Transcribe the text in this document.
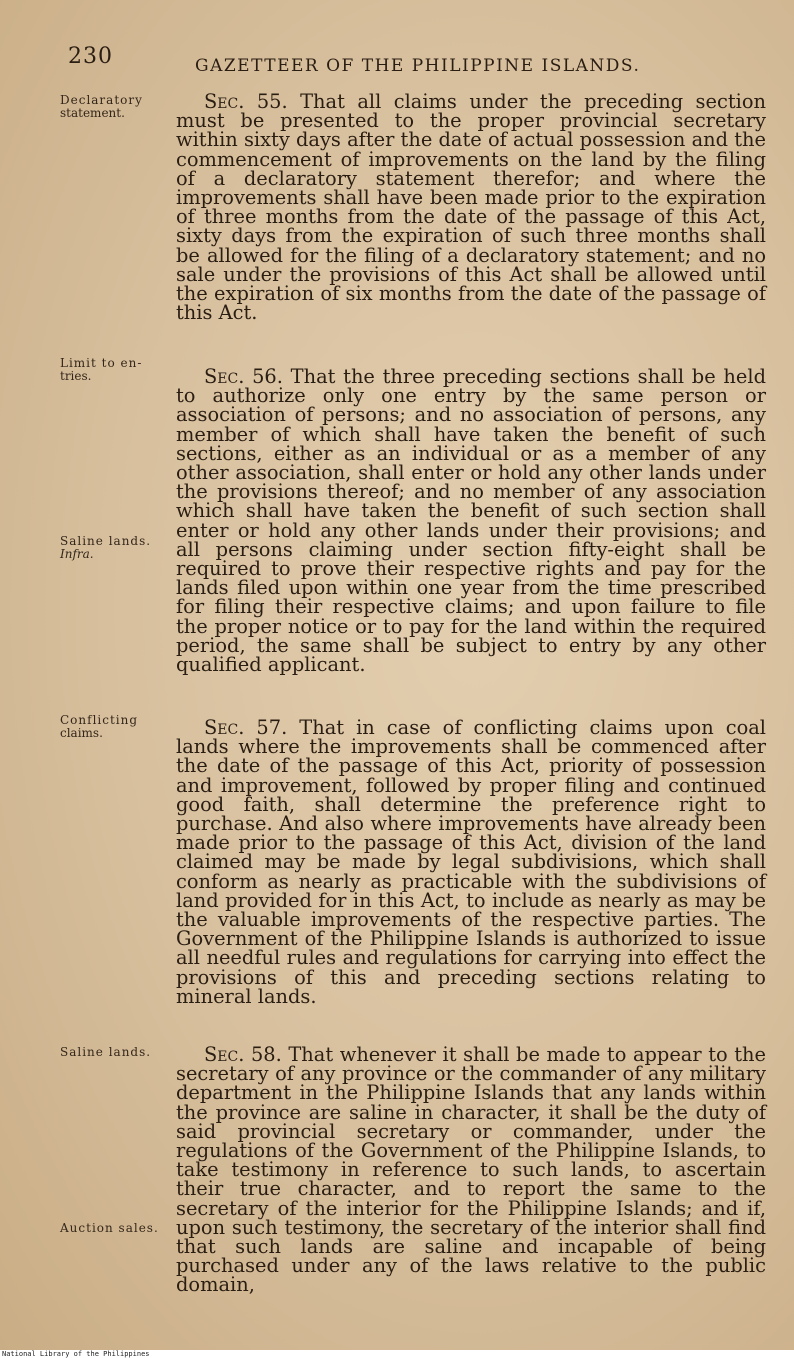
230	GAZETTEER OF THE PHILIPPINE ISLANDS.
Declaratory
statement.
Limit to en-
tries.
Saline lands.
Infra.
Conflicting
claims.
Saline lands.
Auction sales.

Sec. 55. That all claims under the preceding section must be presented to the proper provincial secretary within sixty days after the date of actual possession and the commencement of improvements on the land by the filing of a declaratory statement therefor; and where the improvements shall have been made prior to the expiration of three months from the date of the passage of this Act, sixty days from the expiration of such three months shall be allowed for the filing of a declaratory statement; and no sale under the provisions of this Act shall be allowed until the expiration of six months from the date of the passage of this Act.

Sec. 56. That the three preceding sections shall be held to authorize only one entry by the same person or association of persons; and no association of persons, any member of which shall have taken the benefit of such sections, either as an individual or as a member of any other association, shall enter or hold any other lands under the provisions thereof; and no member of any association which shall have taken the benefit of such section shall enter or hold any other lands under their provisions; and all persons claiming under section fifty-eight shall be required to prove their respective rights and pay for the lands filed upon within one year from the time prescribed for filing their respective claims; and upon failure to file the proper notice or to pay for the land within the required period, the same shall be subject to entry by any other qualified applicant.

Sec. 57. That in case of conflicting claims upon coal lands where the improvements shall be commenced after the date of the passage of this Act, priority of possession and improvement, followed by proper filing and continued good faith, shall determine the preference right to purchase. And also where improvements have already been made prior to the passage of this Act, division of the land claimed may be made by legal subdivisions, which shall conform as nearly as practicable with the subdivisions of land provided for in this Act, to include as nearly as may be the valuable improvements of the respective parties. The Government of the Philippine Islands is authorized to issue all needful rules and regulations for carrying into effect the provisions of this and preceding sections relating to mineral lands.

Sec. 58. That whenever it shall be made to appear to the secretary of any province or the commander of any military department in the Philippine Islands that any lands within the province are saline in character, it shall be the duty of said provincial secretary or commander, under the regulations of the Government of the Philippine Islands, to take testimony in reference to such lands, to ascertain their true character, and to report the same to the secretary of the interior for the Philippine Islands; and if, upon such testimony, the secretary of the interior shall find that such lands are saline and incapable of being purchased under any of the laws relative to the public domain,

National Library of the Philippines
